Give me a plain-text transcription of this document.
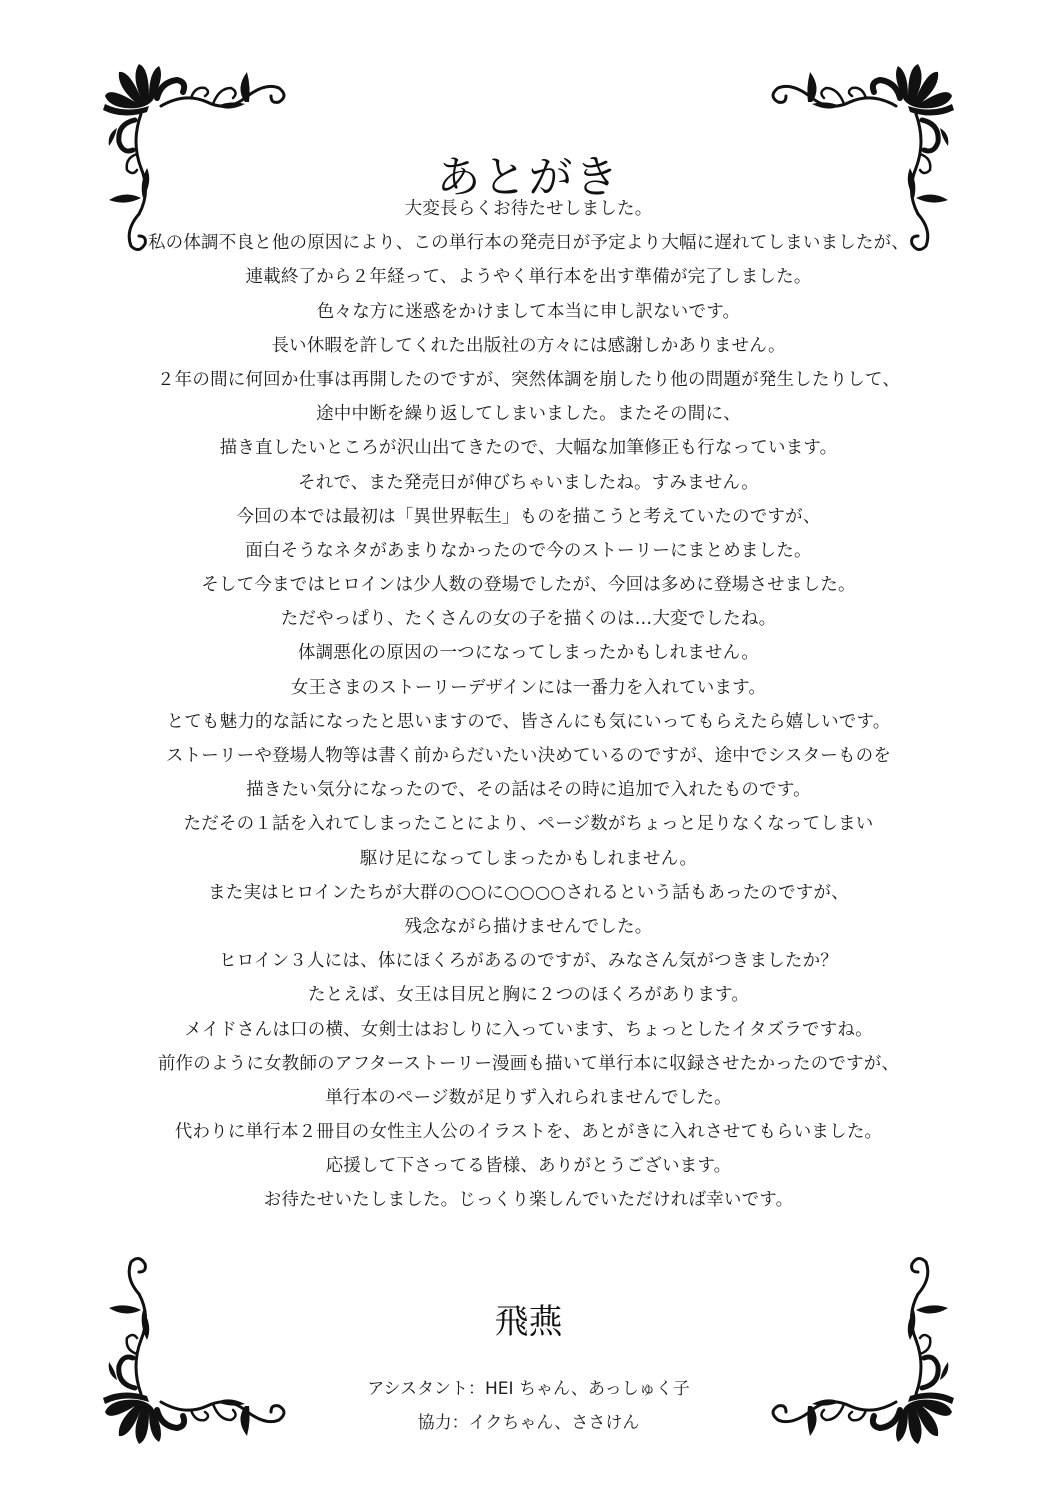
あとがき
大変長らくお待たせしました。
私の体調不良と他の原因により、この単行本の発売日が予定より大幅に遅れてしまいましたが、
連載終了から２年経って、ようやく単行本を出す準備が完了しました。
色々な方に迷惑をかけまして本当に申し訳ないです。
長い休暇を許してくれた出版社の方々には感謝しかありません。
２年の間に何回か仕事は再開したのですが、突然体調を崩したり他の問題が発生したりして、
途中中断を繰り返してしまいました。またその間に、
描き直したいところが沢山出てきたので、大幅な加筆修正も行なっています。
それで、また発売日が伸びちゃいましたね。すみません。
今回の本では最初は「異世界転生」ものを描こうと考えていたのですが、
面白そうなネタがあまりなかったので今のストーリーにまとめました。
そして今まではヒロインは少人数の登場でしたが、今回は多めに登場させました。
ただやっぱり、たくさんの女の子を描くのは…大変でしたね。
体調悪化の原因の一つになってしまったかもしれません。
女王さまのストーリーデザインには一番力を入れています。
とても魅力的な話になったと思いますので、皆さんにも気にいってもらえたら嬉しいです。
ストーリーや登場人物等は書く前からだいたい決めているのですが、途中でシスターものを
描きたい気分になったので、その話はその時に追加で入れたものです。
ただその１話を入れてしまったことにより、ページ数がちょっと足りなくなってしまい
駆け足になってしまったかもしれません。
また実はヒロインたちが大群の○○に○○○○されるという話もあったのですが、
残念ながら描けませんでした。
ヒロイン３人には、体にほくろがあるのですが、みなさん気がつきましたか？
たとえば、女王は目尻と胸に２つのほくろがあります。
メイドさんは口の横、女剣士はおしりに入っています、ちょっとしたイタズラですね。
前作のように女教師のアフターストーリー漫画も描いて単行本に収録させたかったのですが、
単行本のページ数が足りず入れられませんでした。
代わりに単行本２冊目の女性主人公のイラストを、あとがきに入れさせてもらいました。
応援して下さってる皆様、ありがとうございます。
お待たせいたしました。じっくり楽しんでいただければ幸いです。
飛燕
アシスタント：HEI ちゃん、あっしゅく子
協力：イクちゃん、ささけん
